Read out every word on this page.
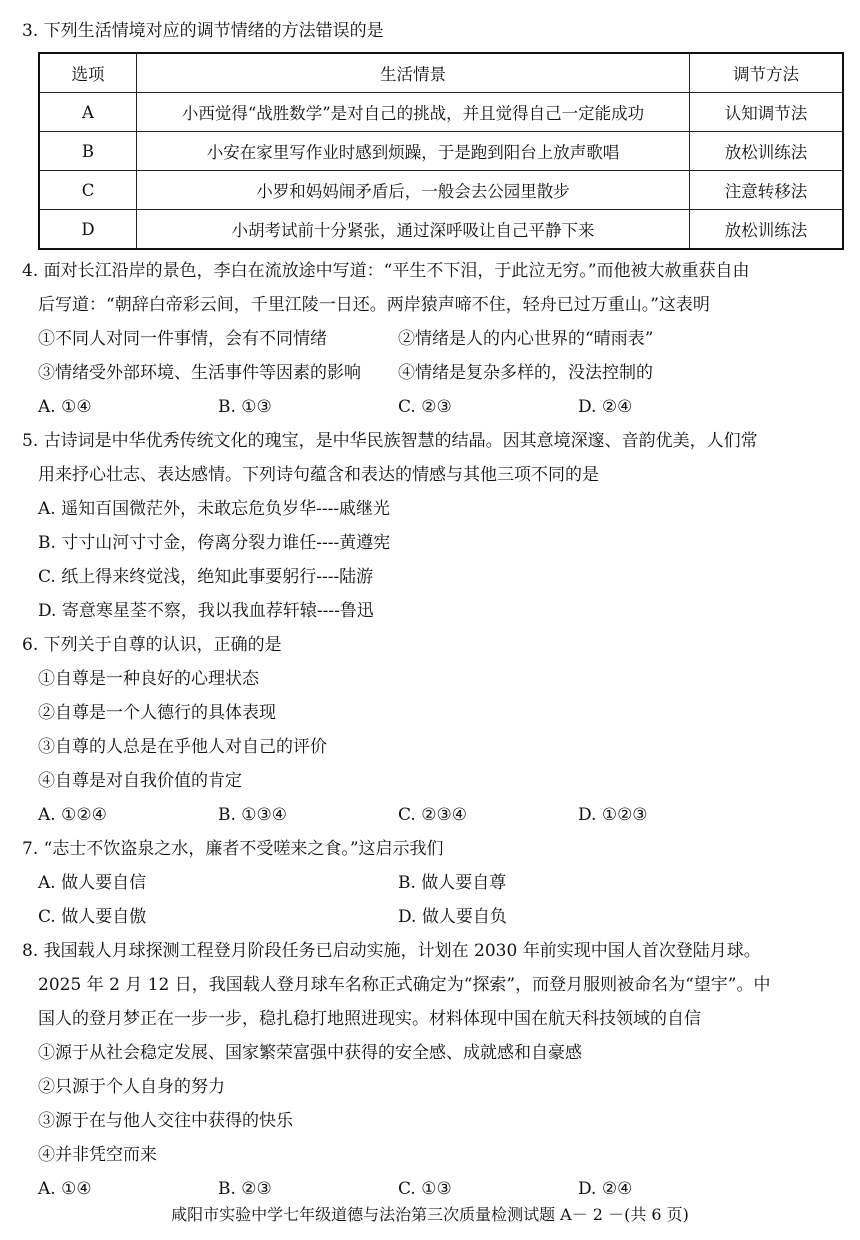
3. 下列生活情境对应的调节情绪的方法错误的是
选项	生活情景	调节方法
A	小西觉得“战胜数学”是对自己的挑战，并且觉得自己一定能成功	认知调节法
B	小安在家里写作业时感到烦躁，于是跑到阳台上放声歌唱	放松训练法
C	小罗和妈妈闹矛盾后，一般会去公园里散步	注意转移法
D	小胡考试前十分紧张，通过深呼吸让自己平静下来	放松训练法
4. 面对长江沿岸的景色，李白在流放途中写道：“平生不下泪，于此泣无穷。”而他被大赦重获自由
后写道：“朝辞白帝彩云间，千里江陵一日还。两岸猿声啼不住，轻舟已过万重山。”这表明
①不同人对同一件事情，会有不同情绪	②情绪是人的内心世界的“晴雨表”
③情绪受外部环境、生活事件等因素的影响 ④情绪是复杂多样的，没法控制的
A. ①④	B. ①③	C. ②③	D. ②④
5. 古诗词是中华优秀传统文化的瑰宝，是中华民族智慧的结晶。因其意境深邃、音韵优美，人们常
用来抒心壮志、表达感情。下列诗句蕴含和表达的情感与其他三项不同的是
A. 遥知百国微茫外，未敢忘危负岁华----戚继光
B. 寸寸山河寸寸金，侉离分裂力谁任----黄遵宪
C. 纸上得来终觉浅，绝知此事要躬行----陆游
D. 寄意寒星荃不察，我以我血荐轩辕----鲁迅
6. 下列关于自尊的认识，正确的是
①自尊是一种良好的心理状态
②自尊是一个人德行的具体表现
③自尊的人总是在乎他人对自己的评价
④自尊是对自我价值的肯定
A. ①②④	B. ①③④	C. ②③④	D. ①②③
7. “志士不饮盗泉之水，廉者不受嗟来之食。”这启示我们
A. 做人要自信	B. 做人要自尊
C. 做人要自傲	D. 做人要自负
8. 我国载人月球探测工程登月阶段任务已启动实施，计划在 2030 年前实现中国人首次登陆月球。
2025 年 2 月 12 日，我国载人登月球车名称正式确定为“探索”，而登月服则被命名为“望宇”。中
国人的登月梦正在一步一步，稳扎稳打地照进现实。材料体现中国在航天科技领域的自信
①源于从社会稳定发展、国家繁荣富强中获得的安全感、成就感和自豪感
②只源于个人自身的努力
③源于在与他人交往中获得的快乐
④并非凭空而来
A. ①④	B. ②③	C. ①③	D. ②④
咸阳市实验中学七年级道德与法治第三次质量检测试题 A－ 2 －(共 6 页)
